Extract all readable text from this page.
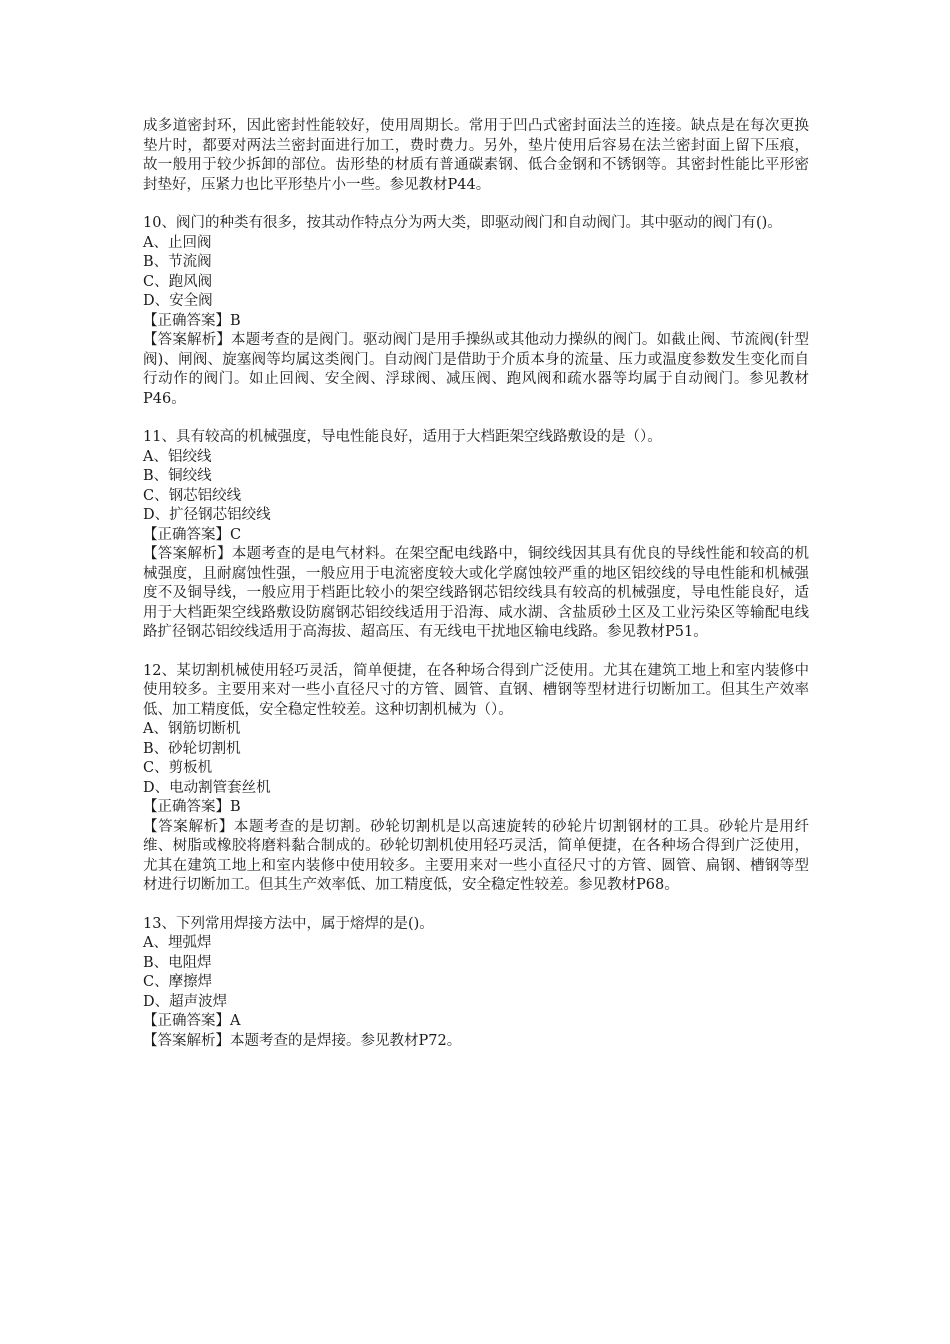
成多道密封环，因此密封性能较好，使用周期长。常用于凹凸式密封面法兰的连接。缺点是在每次更换垫片时，都要对两法兰密封面进行加工，费时费力。另外，垫片使用后容易在法兰密封面上留下压痕，故一般用于较少拆卸的部位。齿形垫的材质有普通碳素钢、低合金钢和不锈钢等。其密封性能比平形密封垫好，压紧力也比平形垫片小一些。参见教材P44。

10、阀门的种类有很多，按其动作特点分为两大类，即驱动阀门和自动阀门。其中驱动的阀门有()。

A、止回阀

B、节流阀

C、跑风阀

D、安全阀

【正确答案】B

【答案解析】本题考查的是阀门。驱动阀门是用手操纵或其他动力操纵的阀门。如截止阀、节流阀(针型阀)、闸阀、旋塞阀等均属这类阀门。自动阀门是借助于介质本身的流量、压力或温度参数发生变化而自行动作的阀门。如止回阀、安全阀、浮球阀、减压阀、跑风阀和疏水器等均属于自动阀门。参见教材P46。

11、具有较高的机械强度，导电性能良好，适用于大档距架空线路敷设的是（）。

A、铝绞线

B、铜绞线

C、钢芯铝绞线

D、扩径钢芯铝绞线

【正确答案】C

【答案解析】本题考查的是电气材料。在架空配电线路中，铜绞线因其具有优良的导线性能和较高的机械强度，且耐腐蚀性强，一般应用于电流密度较大或化学腐蚀较严重的地区铝绞线的导电性能和机械强度不及铜导线，一般应用于档距比较小的架空线路钢芯铝绞线具有较高的机械强度，导电性能良好，适用于大档距架空线路敷设防腐钢芯铝绞线适用于沿海、咸水湖、含盐质砂土区及工业污染区等输配电线路扩径钢芯铝绞线适用于高海拔、超高压、有无线电干扰地区输电线路。参见教材P51。

12、某切割机械使用轻巧灵活，简单便捷，在各种场合得到广泛使用。尤其在建筑工地上和室内装修中使用较多。主要用来对一些小直径尺寸的方管、圆管、直钢、槽钢等型材进行切断加工。但其生产效率低、加工精度低，安全稳定性较差。这种切割机械为（）。

A、钢筋切断机

B、砂轮切割机

C、剪板机

D、电动割管套丝机

【正确答案】B

【答案解析】本题考查的是切割。砂轮切割机是以高速旋转的砂轮片切割钢材的工具。砂轮片是用纤维、树脂或橡胶将磨料黏合制成的。砂轮切割机使用轻巧灵活，简单便捷，在各种场合得到广泛使用，尤其在建筑工地上和室内装修中使用较多。主要用来对一些小直径尺寸的方管、圆管、扁钢、槽钢等型材进行切断加工。但其生产效率低、加工精度低，安全稳定性较差。参见教材P68。

13、下列常用焊接方法中，属于熔焊的是()。

A、埋弧焊

B、电阻焊

C、摩擦焊

D、超声波焊

【正确答案】A

【答案解析】本题考查的是焊接。参见教材P72。
